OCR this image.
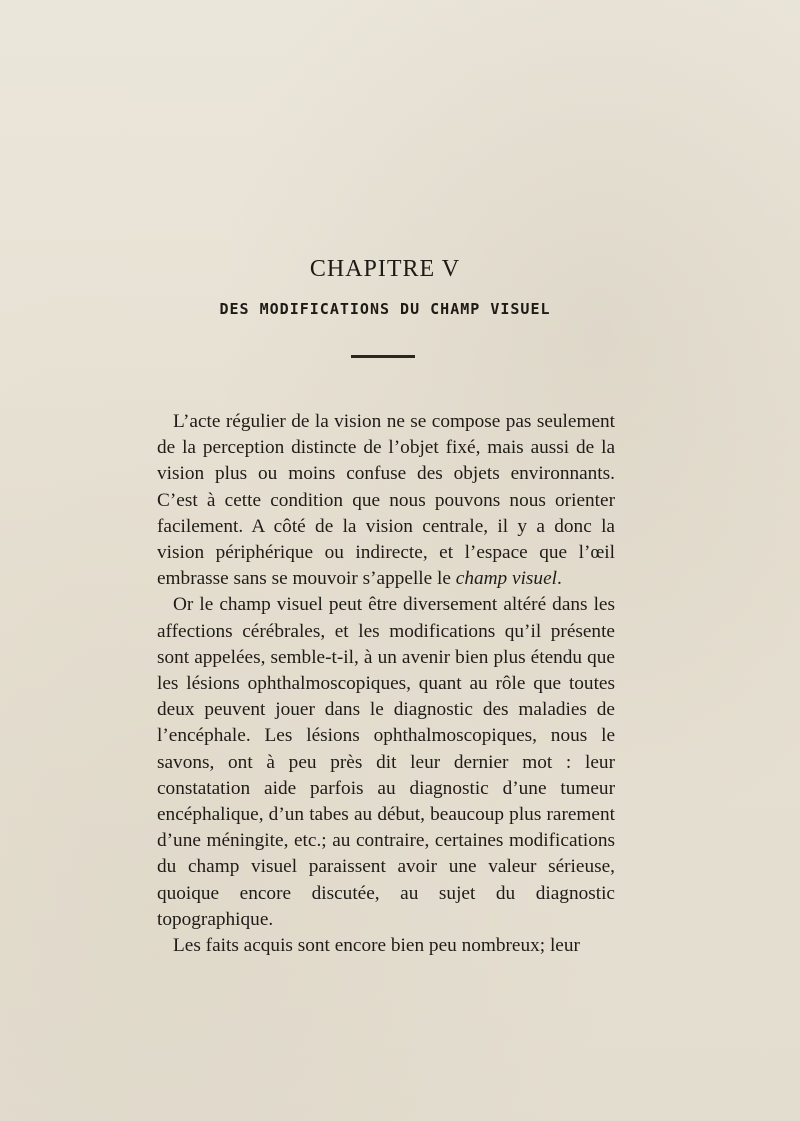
CHAPITRE V
DES MODIFICATIONS DU CHAMP VISUEL

L’acte régulier de la vision ne se compose pas seulement de la perception distincte de l’objet fixé, mais aussi de la vision plus ou moins confuse des objets environnants. C’est à cette condition que nous pouvons nous orienter facilement. A côté de la vision centrale, il y a donc la vision périphérique ou indirecte, et l’espace que l’œil embrasse sans se mouvoir s’appelle le champ visuel.

Or le champ visuel peut être diversement altéré dans les affections cérébrales, et les modifications qu’il présente sont appelées, semble-t-il, à un avenir bien plus étendu que les lésions ophthalmoscopiques, quant au rôle que toutes deux peuvent jouer dans le diagnostic des maladies de l’encéphale. Les lésions ophthalmoscopiques, nous le savons, ont à peu près dit leur dernier mot : leur constatation aide parfois au diagnostic d’une tumeur encéphalique, d’un tabes au début, beaucoup plus rarement d’une méningite, etc.; au contraire, certaines modifications du champ visuel paraissent avoir une valeur sérieuse, quoique encore discutée, au sujet du diagnostic topographique.

Les faits acquis sont encore bien peu nombreux; leur
